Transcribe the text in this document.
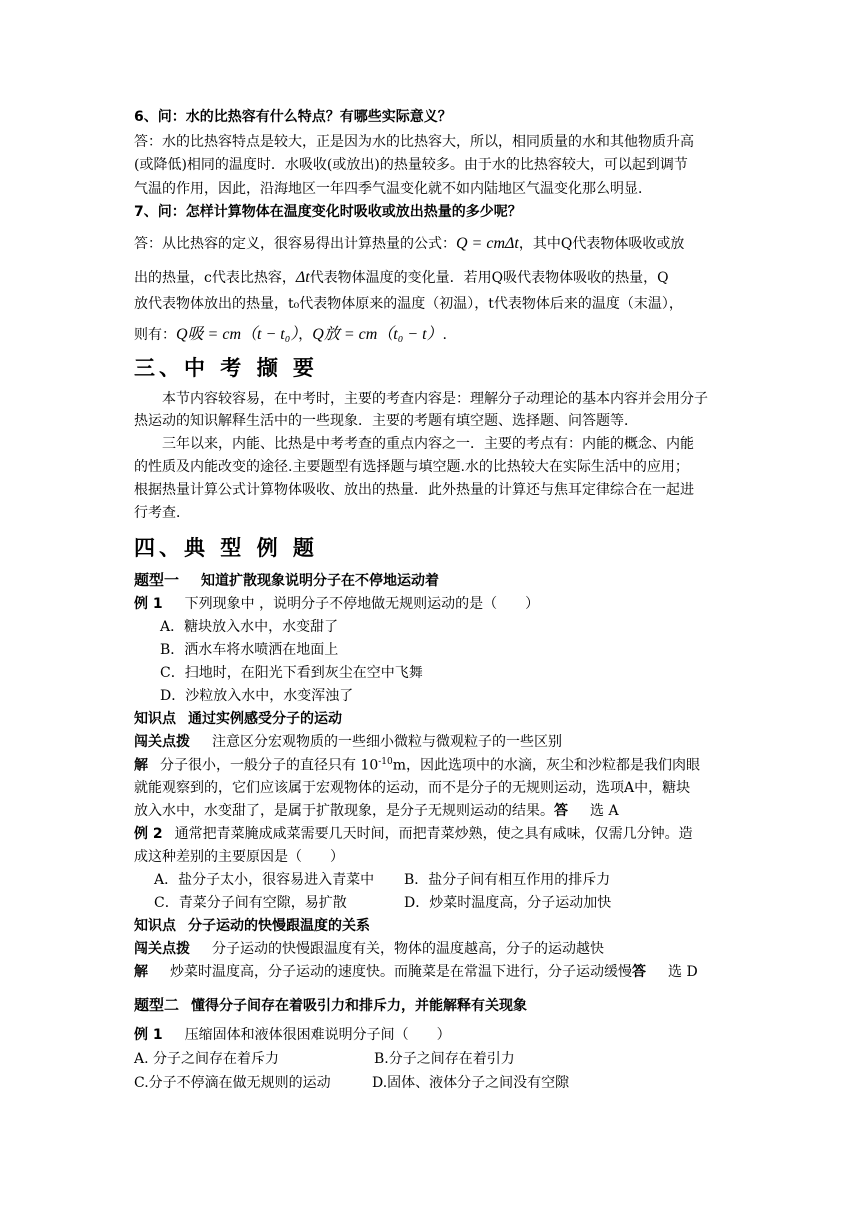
6、问：水的比热容有什么特点？有哪些实际意义？
答：水的比热容特点是较大，正是因为水的比热容大，所以，相同质量的水和其他物质升高
(或降低)相同的温度时．水吸收(或放出)的热量较多。由于水的比热容较大，可以起到调节
气温的作用，因此，沿海地区一年四季气温变化就不如内陆地区气温变化那么明显．
7、问：怎样计算物体在温度变化时吸收或放出热量的多少呢？
答：从比热容的定义，很容易得出计算热量的公式：Q = cmΔt，其中Q代表物体吸收或放
出的热量，c代表比热容，Δt代表物体温度的变化量．若用Q吸代表物体吸收的热量，Q
放代表物体放出的热量，t₀代表物体原来的温度（初温），t代表物体后来的温度（末温），
则有：Q吸 = cm（t − t₀），Q放 = cm（t₀ − t）.
三、中 考 撷 要
本节内容较容易，在中考时，主要的考查内容是：理解分子动理论的基本内容并会用分子
热运动的知识解释生活中的一些现象．主要的考题有填空题、选择题、问答题等．
三年以来，内能、比热是中考考查的重点内容之一．主要的考点有：内能的概念、内能
的性质及内能改变的途径.主要题型有选择题与填空题.水的比热较大在实际生活中的应用；
根据热量计算公式计算物体吸收、放出的热量．此外热量的计算还与焦耳定律综合在一起进
行考查．
四、典 型 例 题
题型一 知道扩散现象说明分子在不停地运动着
例 1 下列现象中 ，说明分子不停地做无规则运动的是（　　）
A．糖块放入水中，水变甜了
B．洒水车将水喷洒在地面上
C．扫地时，在阳光下看到灰尘在空中飞舞
D．沙粒放入水中，水变浑浊了
知识点 通过实例感受分子的运动
闯关点拨 注意区分宏观物质的一些细小微粒与微观粒子的一些区别
解 分子很小，一般分子的直径只有 $10^{-10}m$，因此选项中的水滴，灰尘和沙粒都是我们肉眼
就能观察到的，它们应该属于宏观物体的运动，而不是分子的无规则运动，选项A中，糖块
放入水中，水变甜了，是属于扩散现象，是分子无规则运动的结果。答 选 A
例 2 通常把青菜腌成咸菜需要几天时间，而把青菜炒熟，使之具有咸味，仅需几分钟。造
成这种差别的主要原因是（　　）
A．盐分子太小，很容易进入青菜中 B．盐分子间有相互作用的排斥力
C．青菜分子间有空隙，易扩散	D．炒菜时温度高，分子运动加快
知识点 分子运动的快慢跟温度的关系
闯关点拨 分子运动的快慢跟温度有关，物体的温度越高，分子的运动越快
解 炒菜时温度高，分子运动的速度快。而腌菜是在常温下进行，分子运动缓慢答 选 D
题型二 懂得分子间存在着吸引力和排斥力，并能解释有关现象
例 1 压缩固体和液体很困难说明分子间（　　）
A. 分子之间存在着斥力	B.分子之间存在着引力
C.分子不停滴在做无规则的运动	D.固体、液体分子之间没有空隙
